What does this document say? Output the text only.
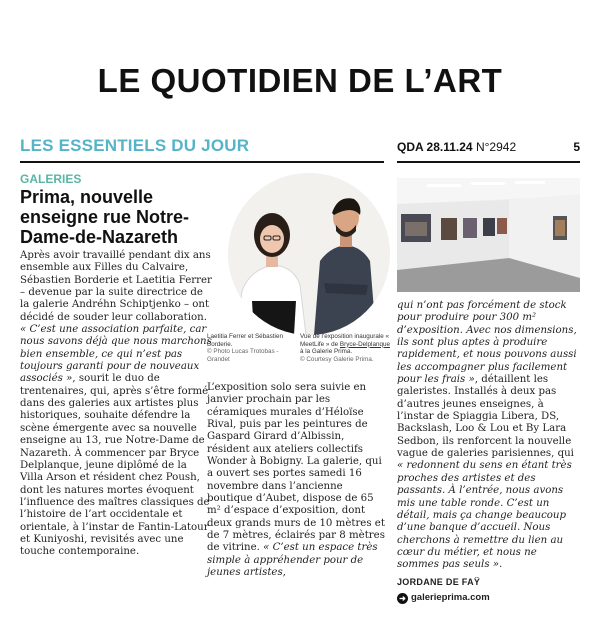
LE QUOTIDIEN DE L’ART
LES ESSENTIELS DU JOUR	QDA 28.11.24 N°2942	5
GALERIES
Prima, nouvelle enseigne rue Notre-Dame-de-Nazareth

Après avoir travaillé pendant dix ans ensemble aux Filles du Calvaire, Sébastien Borderie et Laetitia Ferrer – devenue par la suite directrice de la galerie Andréhn Schiptjenko – ont décidé de souder leur collaboration. « C’est une association parfaite, car nous savons déjà que nous marchons bien ensemble, ce qui n’est pas toujours garanti pour de nouveaux associés », sourit le duo de trentenaires, qui, après s’être formé dans des galeries aux artistes plus historiques, souhaite défendre la scène émergente avec sa nouvelle enseigne au 13, rue Notre-Dame de Nazareth. À commencer par Bryce Delplanque, jeune diplômé de la Villa Arson et résident chez Poush, dont les natures mortes évoquent l’influence des maîtres classiques de l’histoire de l’art occidentale et orientale, à l’instar de Fantin-Latour et Kuniyoshi, revisités avec une touche contemporaine.

Laetitia Ferrer et Sébastien Borderie.
© Photo Lucas Trotobas - Grandet
Vue de l’exposition inaugurale « MeetLife » de Bryce-Delplanque à la Galerie Prima.
© Courtesy Galerie Prima.

L’exposition solo sera suivie en janvier prochain par les céramiques murales d’Héloïse Rival, puis par les peintures de Gaspard Girard d’Albissin, résident aux ateliers collectifs Wonder à Bobigny. La galerie, qui a ouvert ses portes samedi 16 novembre dans l’ancienne boutique d’Aubet, dispose de 65 m² d’espace d’exposition, dont deux grands murs de 10 mètres et de 7 mètres, éclairés par 8 mètres de vitrine. « C’est un espace très simple à appréhender pour de jeunes artistes,

qui n’ont pas forcément de stock pour produire pour 300 m² d’exposition. Avec nos dimensions, ils sont plus aptes à produire rapidement, et nous pouvons aussi les accompagner plus facilement pour les frais », détaillent les galeristes. Installés à deux pas d’autres jeunes enseignes, à l’instar de Spiaggia Libera, DS, Backslash, Loo & Lou et By Lara Sedbon, ils renforcent la nouvelle vague de galeries parisiennes, qui « redonnent du sens en étant très proches des artistes et des passants. À l’entrée, nous avons mis une table ronde. C’est un détail, mais ça change beaucoup d’une banque d’accueil. Nous cherchons à remettre du lien au cœur du métier, et nous ne sommes pas seuls ».

JORDANE DE FAŸ
➜ galerieprima.com
